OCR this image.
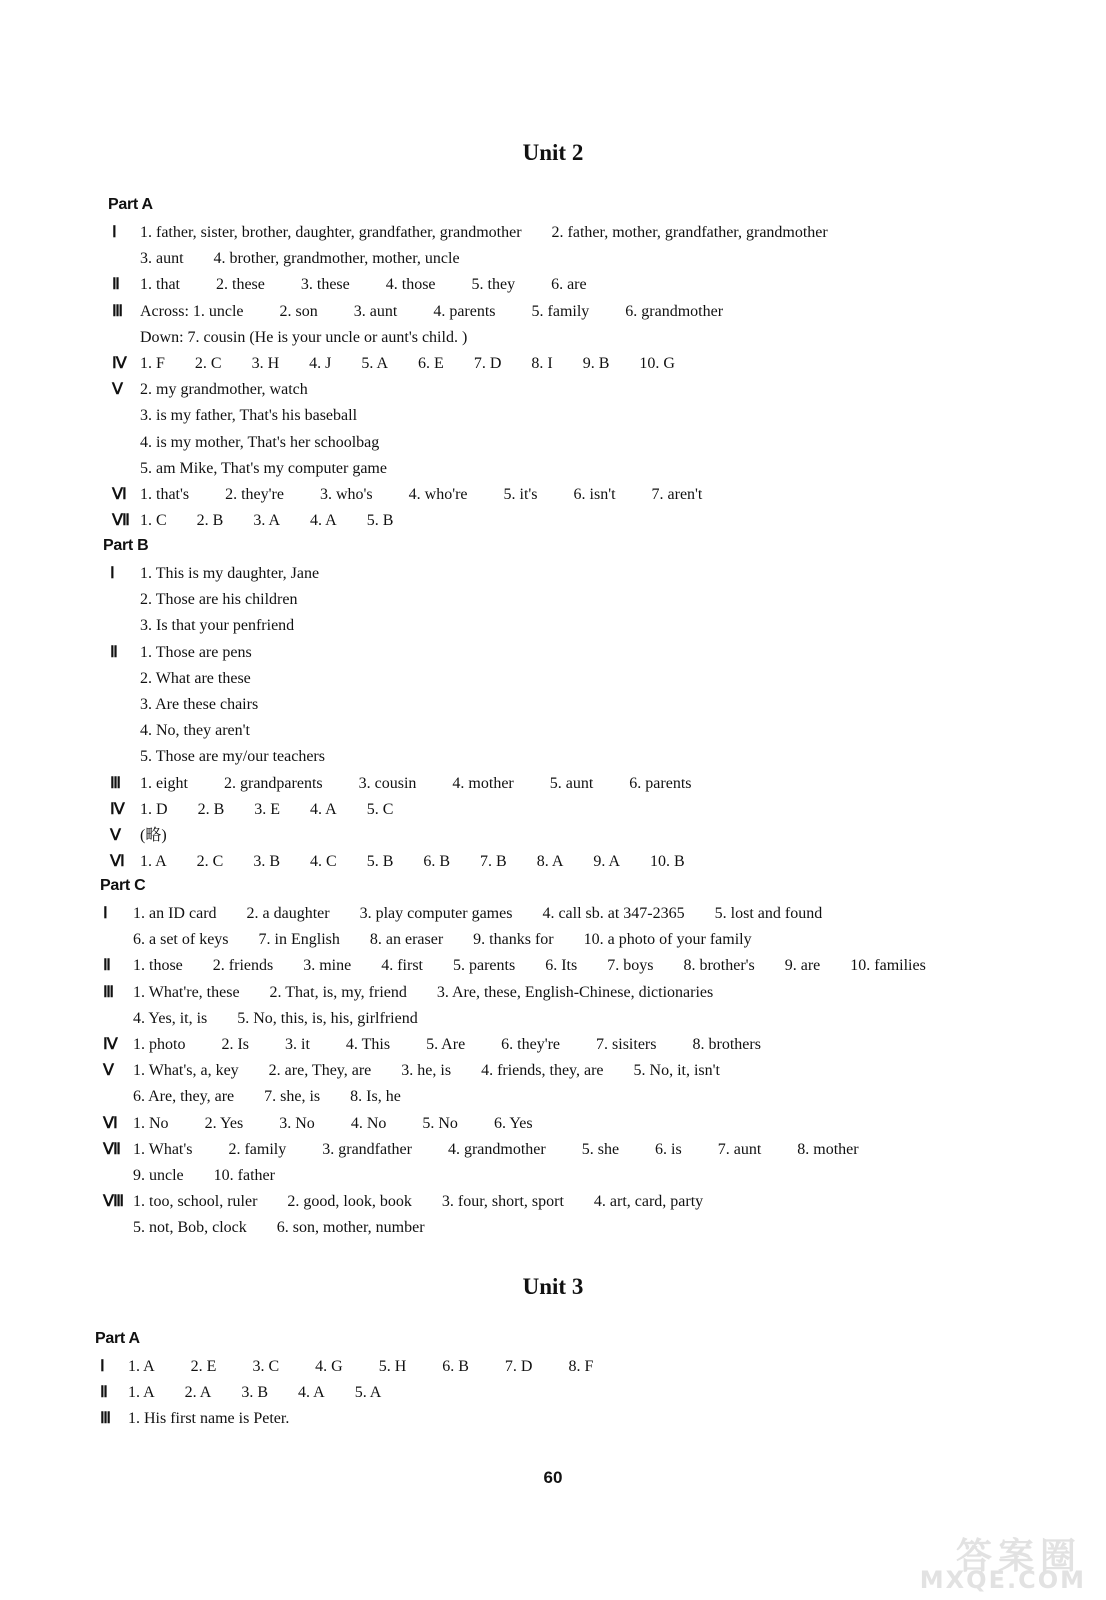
Unit 2
Part A
Ⅰ 1. father, sister, brother, daughter, grandfather, grandmother 2. father, mother, grandfather, grandmother
3. aunt 4. brother, grandmother, mother, uncle
Ⅱ 1. that 2. these 3. these 4. those 5. they 6. are
Ⅲ Across: 1. uncle 2. son 3. aunt 4. parents 5. family 6. grandmother
Down: 7. cousin (He is your uncle or aunt's child. )
Ⅳ 1. F 2. C 3. H 4. J 5. A 6. E 7. D 8. I 9. B 10. G
Ⅴ 2. my grandmother, watch
3. is my father, That's his baseball
4. is my mother, That's her schoolbag
5. am Mike, That's my computer game
Ⅵ 1. that's 2. they're 3. who's 4. who're 5. it's 6. isn't 7. aren't
Ⅶ 1. C 2. B 3. A 4. A 5. B
Part B
Ⅰ 1. This is my daughter, Jane
2. Those are his children
3. Is that your penfriend
Ⅱ 1. Those are pens
2. What are these
3. Are these chairs
4. No, they aren't
5. Those are my/our teachers
Ⅲ 1. eight 2. grandparents 3. cousin 4. mother 5. aunt 6. parents
Ⅳ 1. D 2. B 3. E 4. A 5. C
Ⅴ (略)
Ⅵ 1. A 2. C 3. B 4. C 5. B 6. B 7. B 8. A 9. A 10. B
Part C
Ⅰ 1. an ID card 2. a daughter 3. play computer games 4. call sb. at 347-2365 5. lost and found
6. a set of keys 7. in English 8. an eraser 9. thanks for 10. a photo of your family
Ⅱ 1. those 2. friends 3. mine 4. first 5. parents 6. Its 7. boys 8. brother's 9. are 10. families
Ⅲ 1. What're, these 2. That, is, my, friend 3. Are, these, English-Chinese, dictionaries
4. Yes, it, is 5. No, this, is, his, girlfriend
Ⅳ 1. photo 2. Is 3. it 4. This 5. Are 6. they're 7. sisiters 8. brothers
Ⅴ 1. What's, a, key 2. are, They, are 3. he, is 4. friends, they, are 5. No, it, isn't
6. Are, they, are 7. she, is 8. Is, he
Ⅵ 1. No 2. Yes 3. No 4. No 5. No 6. Yes
Ⅶ 1. What's 2. family 3. grandfather 4. grandmother 5. she 6. is 7. aunt 8. mother
9. uncle 10. father
Ⅷ 1. too, school, ruler 2. good, look, book 3. four, short, sport 4. art, card, party
5. not, Bob, clock 6. son, mother, number
Unit 3
Part A
Ⅰ 1. A 2. E 3. C 4. G 5. H 6. B 7. D 8. F
Ⅱ 1. A 2. A 3. B 4. A 5. A
Ⅲ 1. His first name is Peter.
60
答案圈
MXQE.COM
